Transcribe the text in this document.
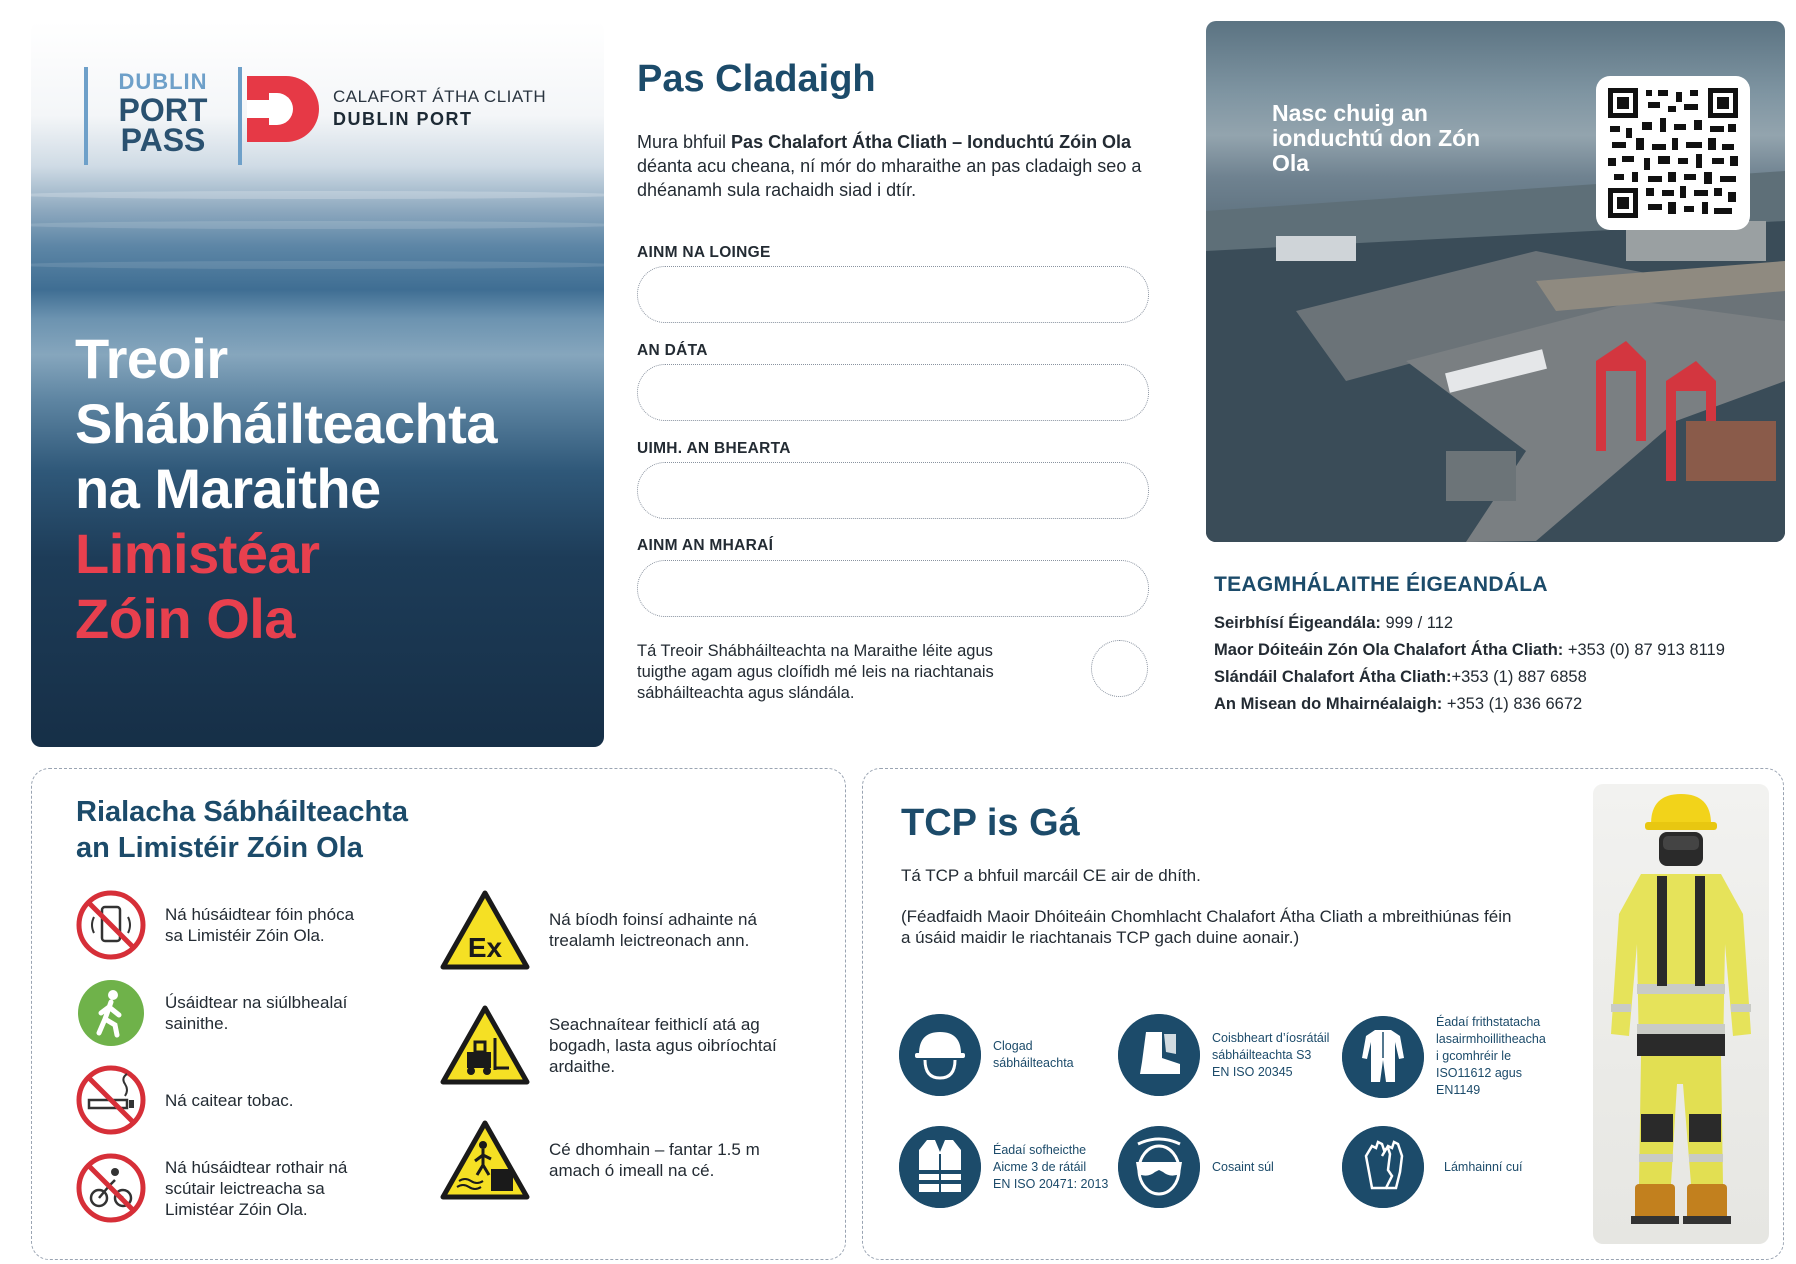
DUBLIN
PORT
PASS
CALAFORT ÁTHA CLIATH
DUBLIN PORT
Treoir
Shábháilteachta
na Maraithe
Limistéar
Zóin Ola
Pas Cladaigh
Mura bhfuil Pas Chalafort Átha Cliath – Ionduchtú Zóin Ola déanta acu cheana, ní mór do mharaithe an pas cladaigh seo a dhéanamh sula rachaidh siad i dtír.
AINM NA LOINGE
AN DÁTA
UIMH. AN BHEARTA
AINM AN MHARAÍ
Tá Treoir Shábháilteachta na Maraithe léite agus tuigthe agam agus cloífidh mé leis na riachtanais sábháilteachta agus slándála.
Nasc chuig an ionduchtú don Zón Ola
TEAGMHÁLAITHE ÉIGEANDÁLA
Seirbhísí Éigeandála: 999 / 112
Maor Dóiteáin Zón Ola Chalafort Átha Cliath: +353 (0) 87 913 8119
Slándáil Chalafort Átha Cliath:+353 (1) 887 6858
An Misean do Mhairnéalaigh: +353 (1) 836 6672
Rialacha Sábháilteachta
an Limistéir Zóin Ola
Ná húsáidtear fóin phóca sa Limistéir Zóin Ola.
Úsáidtear na siúlbhealaí sainithe.
Ná caitear tobac.
Ná húsáidtear rothair ná scútair leictreacha sa Limistéar Zóin Ola.
Ex
Ná bíodh foinsí adhainte ná trealamh leictreonach ann.
Seachnaítear feithiclí atá ag bogadh, lasta agus oibríochtaí ardaithe.
Cé dhomhain – fantar 1.5 m amach ó imeall na cé.
TCP is Gá
Tá TCP a bhfuil marcáil CE air de dhíth.
(Féadfaidh Maoir Dhóiteáin Chomhlacht Chalafort Átha Cliath a mbreithiúnas féin a úsáid maidir le riachtanais TCP gach duine aonair.)
Clogad
sábháilteachta
Coisbheart d’íosrátáil
sábháilteachta S3
EN ISO 20345
Éadaí frithstatacha
lasairmhoillitheacha
i gcomhréir le
ISO11612 agus
EN1149
Éadaí sofheicthe
Aicme 3 de rátáil
EN ISO 20471: 2013
Cosaint súl	Lámhainní cuí
